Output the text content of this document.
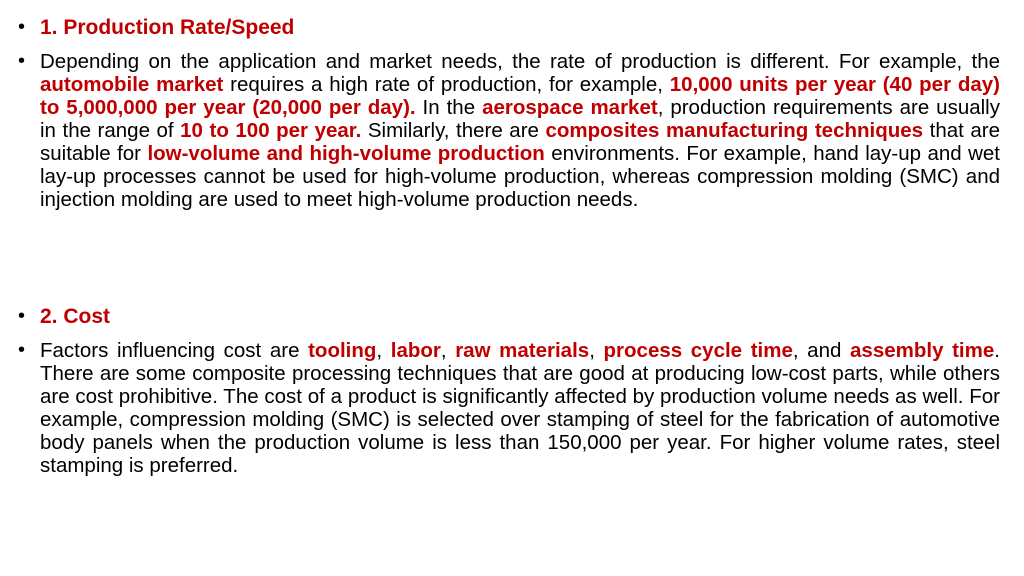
• 1. Production Rate/Speed
• Depending on the application and market needs, the rate of production is different. For example, the automobile market requires a high rate of production, for example, 10,000 units per year (40 per day) to 5,000,000 per year (20,000 per day). In the aerospace market, production requirements are usually in the range of 10 to 100 per year. Similarly, there are composites manufacturing techniques that are suitable for low-volume and high-volume production environments. For example, hand lay-up and wet lay-up processes cannot be used for high-volume production, whereas compression molding (SMC) and injection molding are used to meet high-volume production needs.
• 2. Cost
• Factors influencing cost are tooling, labor, raw materials, process cycle time, and assembly time. There are some composite processing techniques that are good at producing low-cost parts, while others are cost prohibitive. The cost of a product is significantly affected by production volume needs as well. For example, compression molding (SMC) is selected over stamping of steel for the fabrication of automotive body panels when the production volume is less than 150,000 per year. For higher volume rates, steel stamping is preferred.
